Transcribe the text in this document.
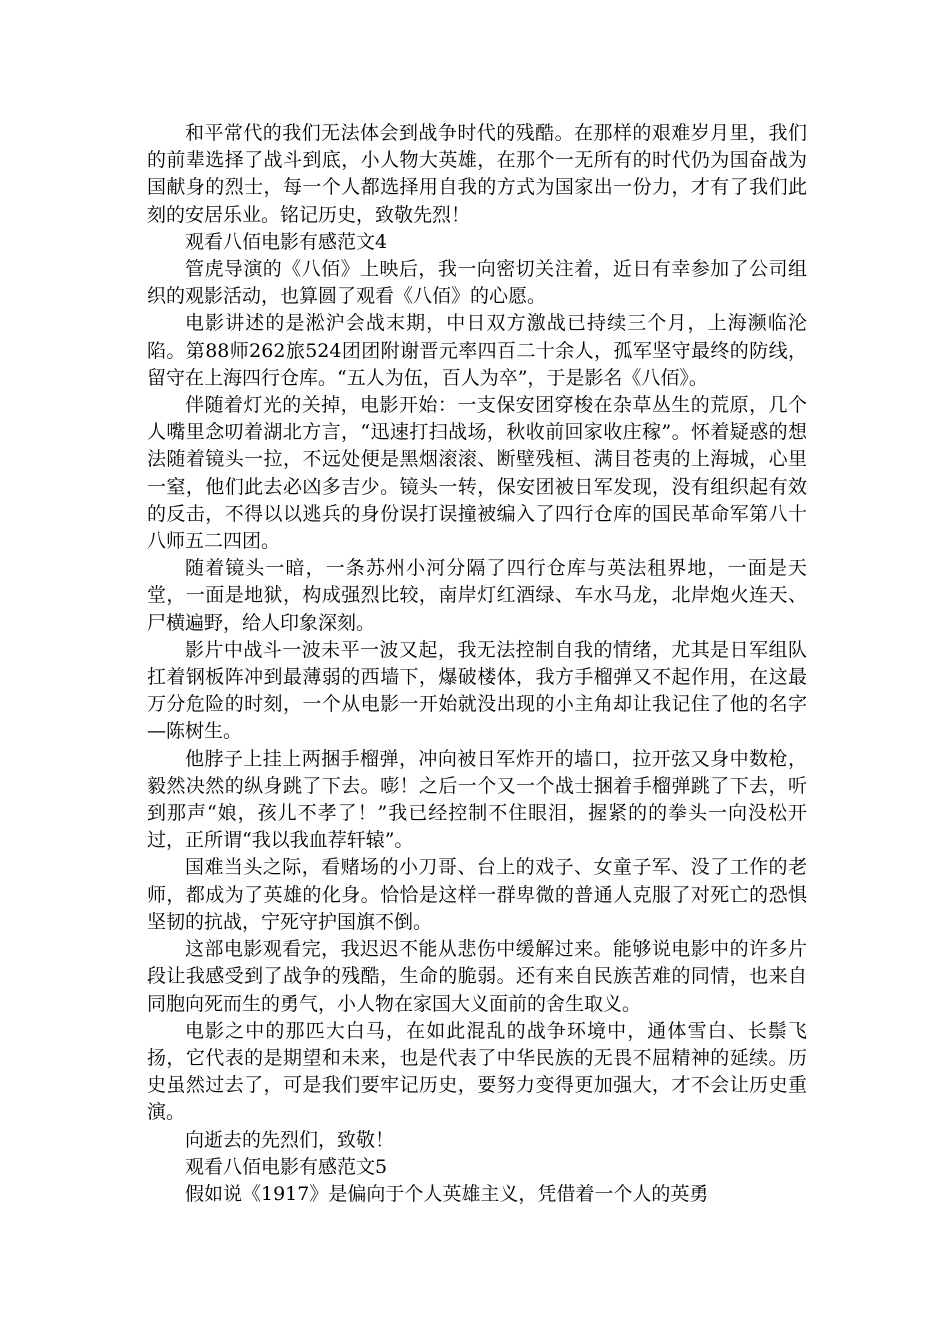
和平常代的我们无法体会到战争时代的残酷。在那样的艰难岁月里，我们的前辈选择了战斗到底，小人物大英雄，在那个一无所有的时代仍为国奋战为国献身的烈士，每一个人都选择用自我的方式为国家出一份力，才有了我们此刻的安居乐业。铭记历史，致敬先烈！

观看八佰电影有感范文4

管虎导演的《八佰》上映后，我一向密切关注着，近日有幸参加了公司组织的观影活动，也算圆了观看《八佰》的心愿。

电影讲述的是淞沪会战末期，中日双方激战已持续三个月，上海濒临沦陷。第88师262旅524团团附谢晋元率四百二十余人，孤军坚守最终的防线，留守在上海四行仓库。“五人为伍，百人为卒”，于是影名《八佰》。

伴随着灯光的关掉，电影开始：一支保安团穿梭在杂草丛生的荒原，几个人嘴里念叨着湖北方言，“迅速打扫战场，秋收前回家收庄稼”。怀着疑惑的想法随着镜头一拉，不远处便是黑烟滚滚、断壁残桓、满目苍夷的上海城，心里一窒，他们此去必凶多吉少。镜头一转，保安团被日军发现，没有组织起有效的反击，不得以以逃兵的身份误打误撞被编入了四行仓库的国民革命军第八十八师五二四团。

随着镜头一暗，一条苏州小河分隔了四行仓库与英法租界地，一面是天堂，一面是地狱，构成强烈比较，南岸灯红酒绿、车水马龙，北岸炮火连天、尸横遍野，给人印象深刻。

影片中战斗一波未平一波又起，我无法控制自我的情绪，尤其是日军组队扛着钢板阵冲到最薄弱的西墙下，爆破楼体，我方手榴弹又不起作用，在这最万分危险的时刻，一个从电影一开始就没出现的小主角却让我记住了他的名字—陈树生。

他脖子上挂上两捆手榴弹，冲向被日军炸开的墙口，拉开弦又身中数枪，毅然决然的纵身跳了下去。嘭！之后一个又一个战士捆着手榴弹跳了下去，听到那声“娘，孩儿不孝了！”我已经控制不住眼泪，握紧的的拳头一向没松开过，正所谓“我以我血荐轩辕”。

国难当头之际，看赌场的小刀哥、台上的戏子、女童子军、没了工作的老师，都成为了英雄的化身。恰恰是这样一群卑微的普通人克服了对死亡的恐惧坚韧的抗战，宁死守护国旗不倒。

这部电影观看完，我迟迟不能从悲伤中缓解过来。能够说电影中的许多片段让我感受到了战争的残酷，生命的脆弱。还有来自民族苦难的同情，也来自同胞向死而生的勇气，小人物在家国大义面前的舍生取义。

电影之中的那匹大白马，在如此混乱的战争环境中，通体雪白、长鬃飞扬，它代表的是期望和未来，也是代表了中华民族的无畏不屈精神的延续。历史虽然过去了，可是我们要牢记历史，要努力变得更加强大，才不会让历史重演。

向逝去的先烈们，致敬！

观看八佰电影有感范文5

假如说《1917》是偏向于个人英雄主义，凭借着一个人的英勇
